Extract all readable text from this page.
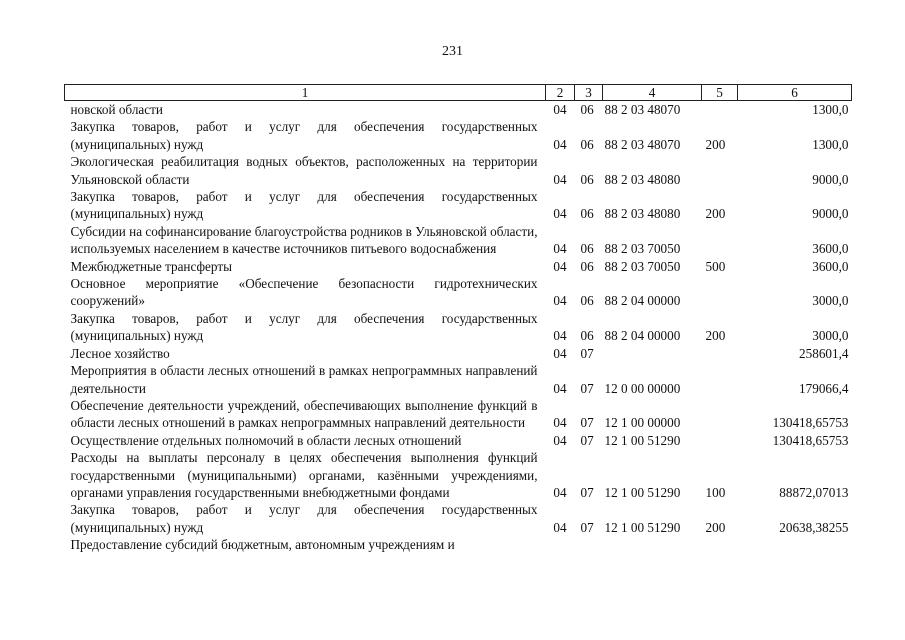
231
1	2	3	4	5	6
новской области	04	06	88 2 03 48070		1300,0
Закупка товаров, работ и услуг для обеспечения государственных (муниципальных) нужд	04	06	88 2 03 48070	200	1300,0
Экологическая реабилитация водных объектов, расположенных на территории Ульяновской области	04	06	88 2 03 48080		9000,0
Закупка товаров, работ и услуг для обеспечения государственных (муниципальных) нужд	04	06	88 2 03 48080	200	9000,0
Субсидии на софинансирование благоустройства родников в Ульяновской области, используемых населением в качестве источников питьевого водоснабжения	04	06	88 2 03 70050		3600,0
Межбюджетные трансферты	04	06	88 2 03 70050	500	3600,0
Основное мероприятие «Обеспечение безопасности гидротехнических сооружений»	04	06	88 2 04 00000		3000,0
Закупка товаров, работ и услуг для обеспечения государственных (муниципальных) нужд	04	06	88 2 04 00000	200	3000,0
Лесное хозяйство	04	07			258601,4
Мероприятия в области лесных отношений в рамках непрограммных направлений деятельности	04	07	12 0 00 00000		179066,4
Обеспечение деятельности учреждений, обеспечивающих выполнение функций в области лесных отношений в рамках непрограммных направлений деятельности	04	07	12 1 00 00000		130418,65753
Осуществление отдельных полномочий в области лесных отношений	04	07	12 1 00 51290		130418,65753
Расходы на выплаты персоналу в целях обеспечения выполнения функций государственными (муниципальными) органами, казёнными учреждениями, органами управления государственными внебюджетными фондами	04	07	12 1 00 51290	100	88872,07013
Закупка товаров, работ и услуг для обеспечения государственных (муниципальных) нужд	04	07	12 1 00 51290	200	20638,38255
Предоставление субсидий бюджетным, автономным учреждениям и					
